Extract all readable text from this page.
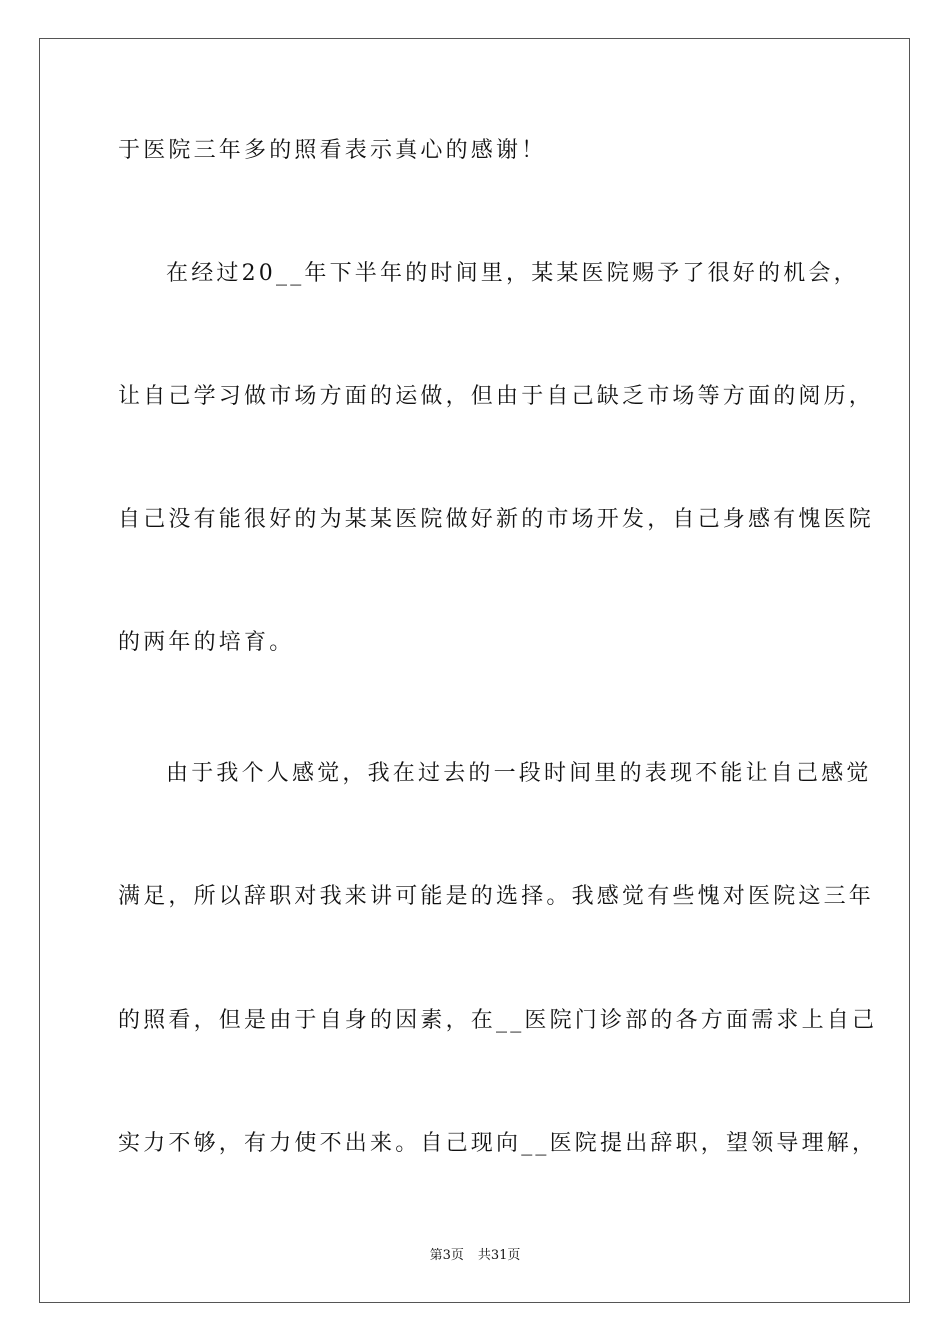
于医院三年多的照看表示真心的感谢！
在经过20__年下半年的时间里，某某医院赐予了很好的机会，
让自己学习做市场方面的运做，但由于自己缺乏市场等方面的阅历，
自己没有能很好的为某某医院做好新的市场开发，自己身感有愧医院
的两年的培育。
由于我个人感觉，我在过去的一段时间里的表现不能让自己感觉
满足，所以辞职对我来讲可能是的选择。我感觉有些愧对医院这三年
的照看，但是由于自身的因素，在__医院门诊部的各方面需求上自己
实力不够，有力使不出来。自己现向__医院提出辞职，望领导理解，
第3页 共31页
